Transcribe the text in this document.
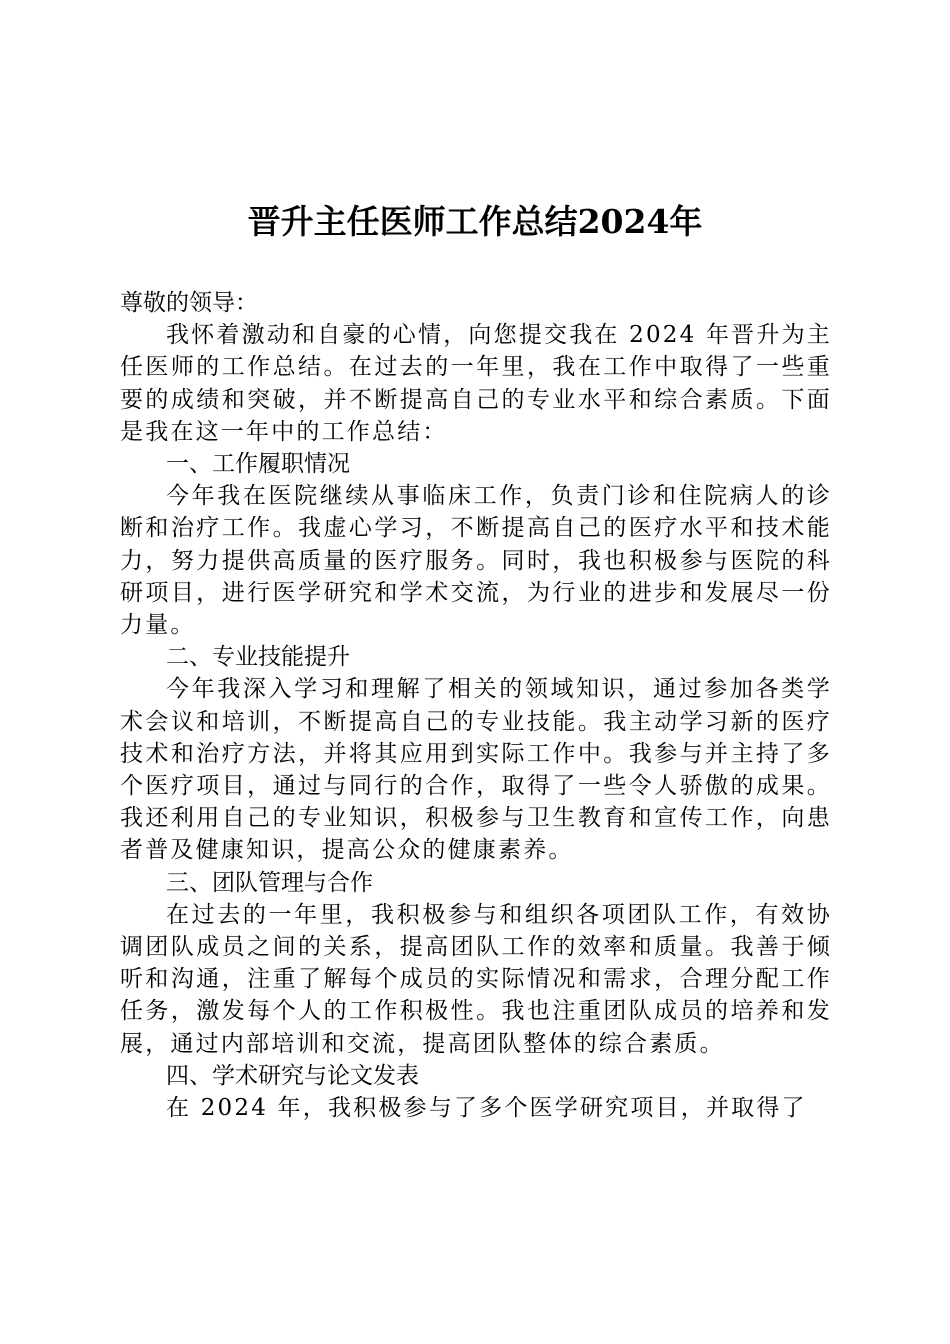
晋升主任医师工作总结2024年

尊敬的领导：

我怀着激动和自豪的心情，向您提交我在 2024 年晋升为主任医师的工作总结。在过去的一年里，我在工作中取得了一些重要的成绩和突破，并不断提高自己的专业水平和综合素质。下面是我在这一年中的工作总结：

一、工作履职情况

今年我在医院继续从事临床工作，负责门诊和住院病人的诊断和治疗工作。我虚心学习，不断提高自己的医疗水平和技术能力，努力提供高质量的医疗服务。同时，我也积极参与医院的科研项目，进行医学研究和学术交流，为行业的进步和发展尽一份力量。

二、专业技能提升

今年我深入学习和理解了相关的领域知识，通过参加各类学术会议和培训，不断提高自己的专业技能。我主动学习新的医疗技术和治疗方法，并将其应用到实际工作中。我参与并主持了多个医疗项目，通过与同行的合作，取得了一些令人骄傲的成果。我还利用自己的专业知识，积极参与卫生教育和宣传工作，向患者普及健康知识，提高公众的健康素养。

三、团队管理与合作

在过去的一年里，我积极参与和组织各项团队工作，有效协调团队成员之间的关系，提高团队工作的效率和质量。我善于倾听和沟通，注重了解每个成员的实际情况和需求，合理分配工作任务，激发每个人的工作积极性。我也注重团队成员的培养和发展，通过内部培训和交流，提高团队整体的综合素质。

四、学术研究与论文发表

在 2024 年，我积极参与了多个医学研究项目，并取得了
